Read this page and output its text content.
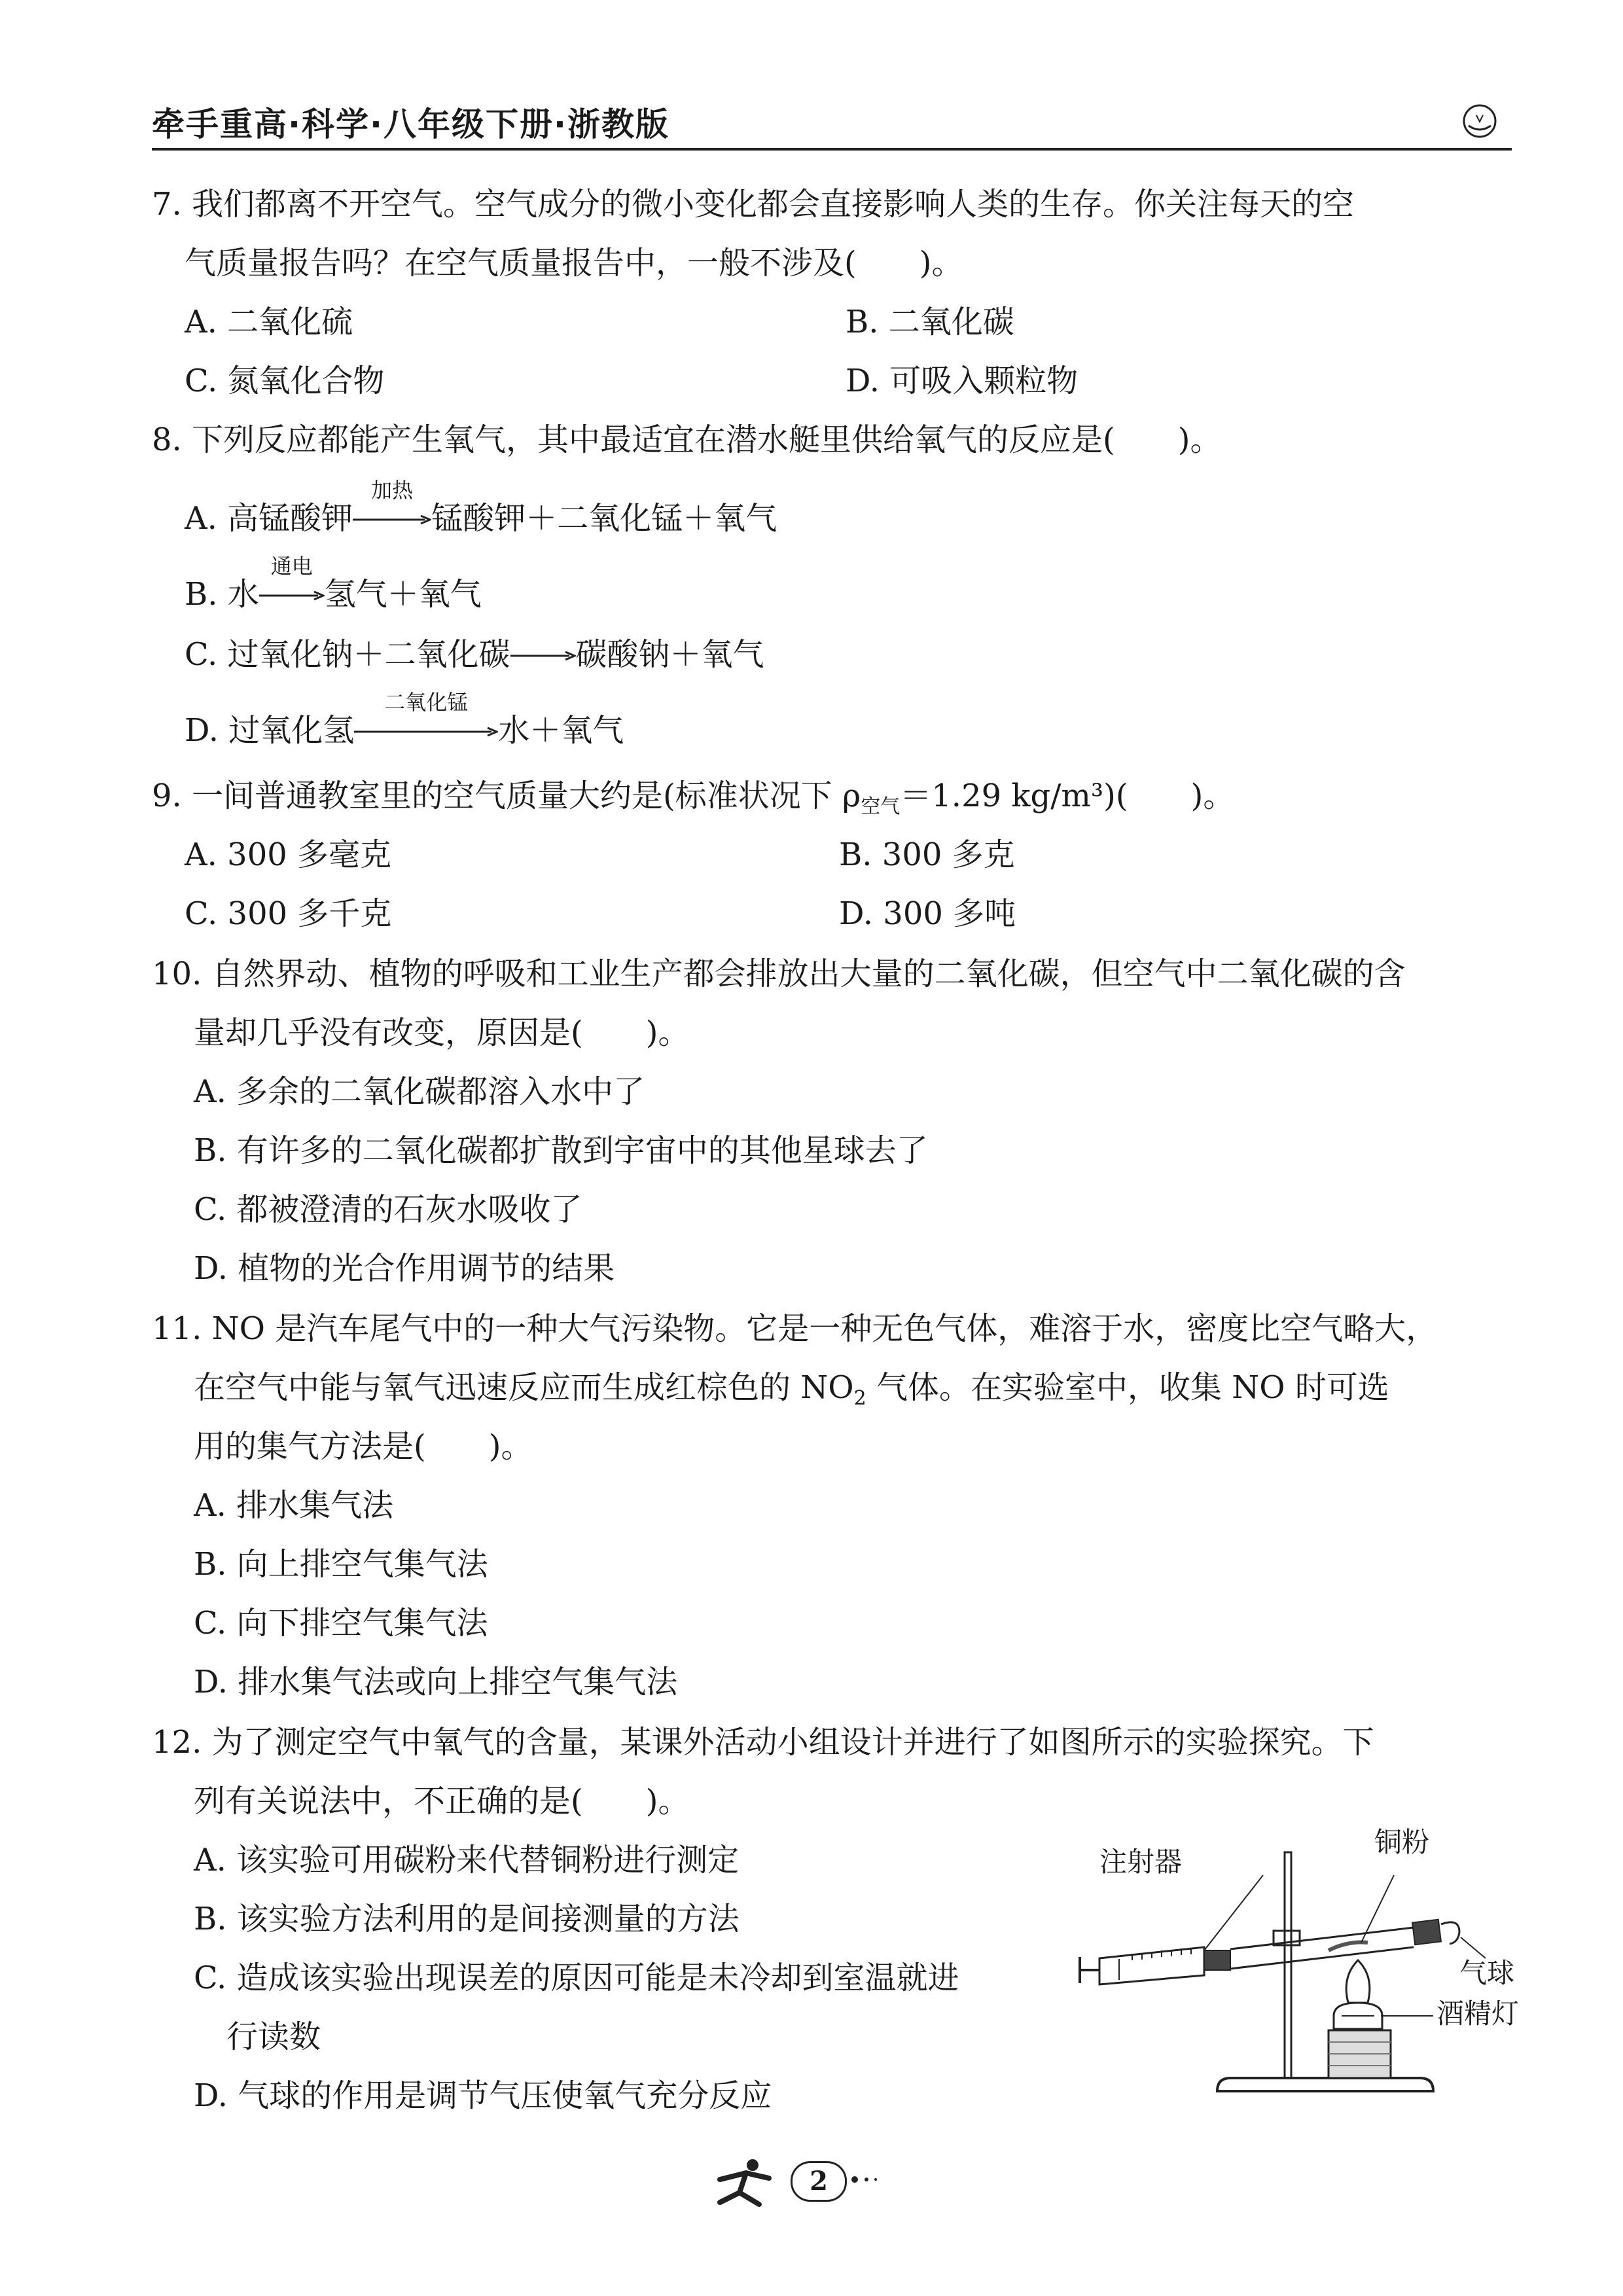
牵手重高·科学·八年级下册·浙教版
7. 我们都离不开空气。空气成分的微小变化都会直接影响人类的生存。你关注每天的空
气质量报告吗？在空气质量报告中，一般不涉及(　　)。
A. 二氧化硫	B. 二氧化碳
C. 氮氧化合物	D. 可吸入颗粒物
8. 下列反应都能产生氧气，其中最适宜在潜水艇里供给氧气的反应是(　　)。
A. 高锰酸钾
加热
锰酸钾＋二氧化锰＋氧气
B. 水
通电
氢气＋氧气
C. 过氧化钠＋二氧化碳→碳酸钠＋氧气
D. 过氧化氢
二氧化锰
水＋氧气
9. 一间普通教室里的空气质量大约是(标准状况下 $\rho_{空气}=1.29$ kg/m³)(　　)。
A. 300 多毫克	B. 300 多克
C. 300 多千克	D. 300 多吨
10. 自然界动、植物的呼吸和工业生产都会排放出大量的二氧化碳，但空气中二氧化碳的含
量却几乎没有改变，原因是(　　)。
A. 多余的二氧化碳都溶入水中了
B. 有许多的二氧化碳都扩散到宇宙中的其他星球去了
C. 都被澄清的石灰水吸收了
D. 植物的光合作用调节的结果
11. NO 是汽车尾气中的一种大气污染物。它是一种无色气体，难溶于水，密度比空气略大，
在空气中能与氧气迅速反应而生成红棕色的 $NO_2$ 气体。在实验室中，收集 NO 时可选
用的集气方法是(　　)。
A. 排水集气法
B. 向上排空气集气法
C. 向下排空气集气法
D. 排水集气法或向上排空气集气法
12. 为了测定空气中氧气的含量，某课外活动小组设计并进行了如图所示的实验探究。下
列有关说法中，不正确的是(　　)。
A. 该实验可用碳粉来代替铜粉进行测定
B. 该实验方法利用的是间接测量的方法
C. 造成该实验出现误差的原因可能是未冷却到室温就进
行读数
D. 气球的作用是调节气压使氧气充分反应
注射器
铜粉
气球
酒精灯
2
